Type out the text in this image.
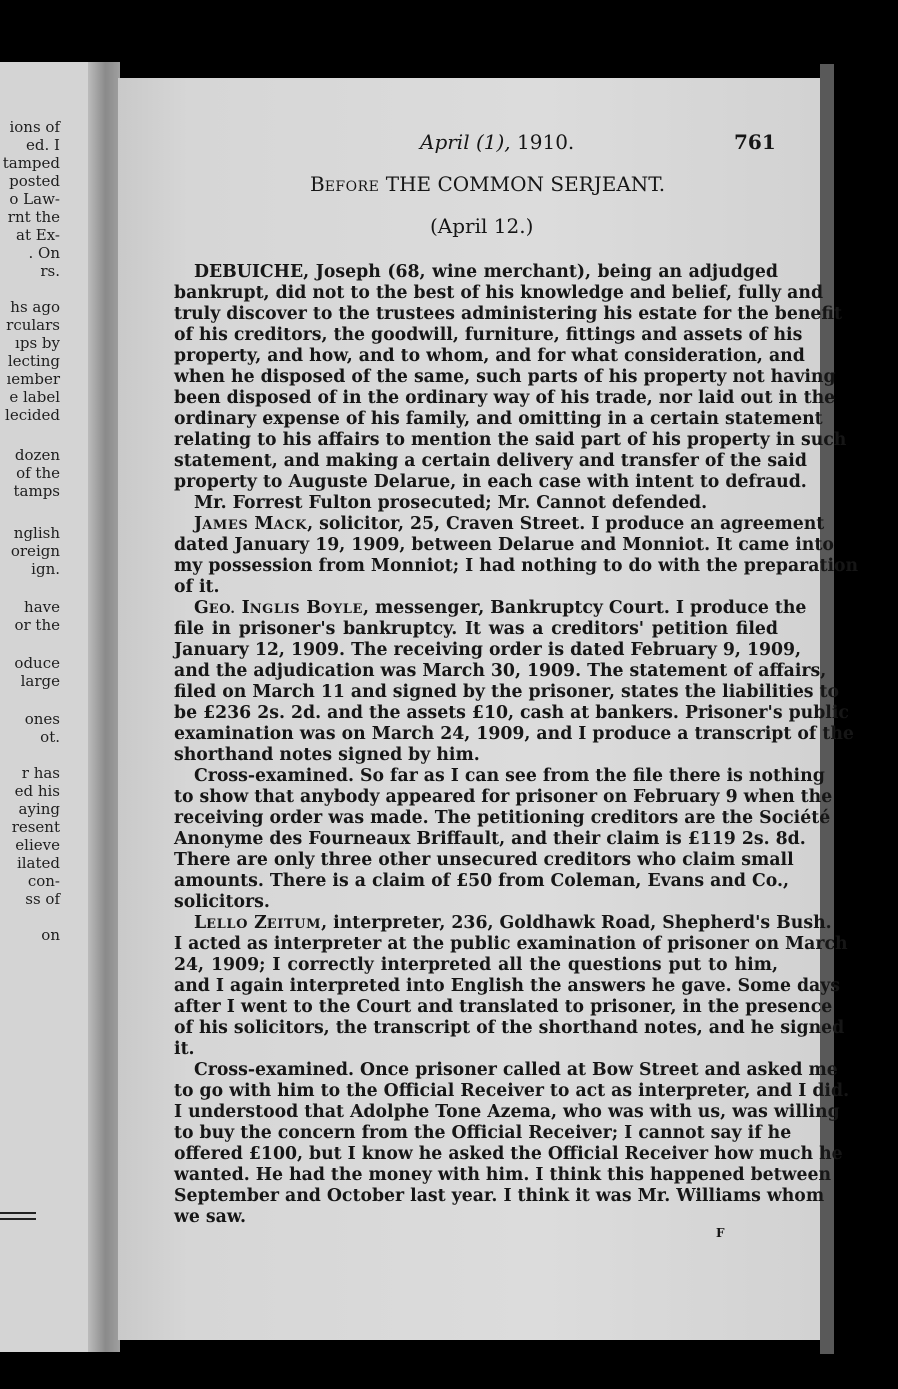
ions of
ed. I
tamped
posted
o Law-
rnt the
at Ex-
. On
rs.
hs ago
rculars
ıps by
lecting
ıember
e label
lecided
dozen
of the
tamps
nglish
oreign
ign.
have
or the
oduce
large
ones
ot.
r has
ed his
aying
resent
elieve
ilated
con-
ss of
on
April (1), 1910.	761
BEFORE THE COMMON SERJEANT.
(April 12.)
DEBUICHE, Joseph (68, wine merchant), being an adjudged
bankrupt, did not to the best of his knowledge and belief, fully and
truly discover to the trustees administering his estate for the benefit
of his creditors, the goodwill, furniture, fittings and assets of his
property, and how, and to whom, and for what consideration, and
when he disposed of the same, such parts of his property not having
been disposed of in the ordinary way of his trade, nor laid out in the
ordinary expense of his family, and omitting in a certain statement
relating to his affairs to mention the said part of his property in such
statement, and making a certain delivery and transfer of the said
property to Auguste Delarue, in each case with intent to defraud.
Mr. Forrest Fulton prosecuted; Mr. Cannot defended.
JAMES MACK, solicitor, 25, Craven Street. I produce an agreement
dated January 19, 1909, between Delarue and Monniot. It came into
my possession from Monniot; I had nothing to do with the preparation
of it.
GEO. INGLIS BOYLE, messenger, Bankruptcy Court. I produce the
file in prisoner's bankruptcy. It was a creditors' petition filed
January 12, 1909. The receiving order is dated February 9, 1909,
and the adjudication was March 30, 1909. The statement of affairs,
filed on March 11 and signed by the prisoner, states the liabilities to
be £236 2s. 2d. and the assets £10, cash at bankers. Prisoner's public
examination was on March 24, 1909, and I produce a transcript of the
shorthand notes signed by him.
Cross-examined. So far as I can see from the file there is nothing
to show that anybody appeared for prisoner on February 9 when the
receiving order was made. The petitioning creditors are the Société
Anonyme des Fourneaux Briffault, and their claim is £119 2s. 8d.
There are only three other unsecured creditors who claim small
amounts. There is a claim of £50 from Coleman, Evans and Co.,
solicitors.
LELLO ZEITUM, interpreter, 236, Goldhawk Road, Shepherd's Bush.
I acted as interpreter at the public examination of prisoner on March
24, 1909; I correctly interpreted all the questions put to him,
and I again interpreted into English the answers he gave. Some days
after I went to the Court and translated to prisoner, in the presence
of his solicitors, the transcript of the shorthand notes, and he signed
it.
Cross-examined. Once prisoner called at Bow Street and asked me
to go with him to the Official Receiver to act as interpreter, and I did.
I understood that Adolphe Tone Azema, who was with us, was willing
to buy the concern from the Official Receiver; I cannot say if he
offered £100, but I know he asked the Official Receiver how much he
wanted. He had the money with him. I think this happened between
September and October last year. I think it was Mr. Williams whom
we saw.
F
